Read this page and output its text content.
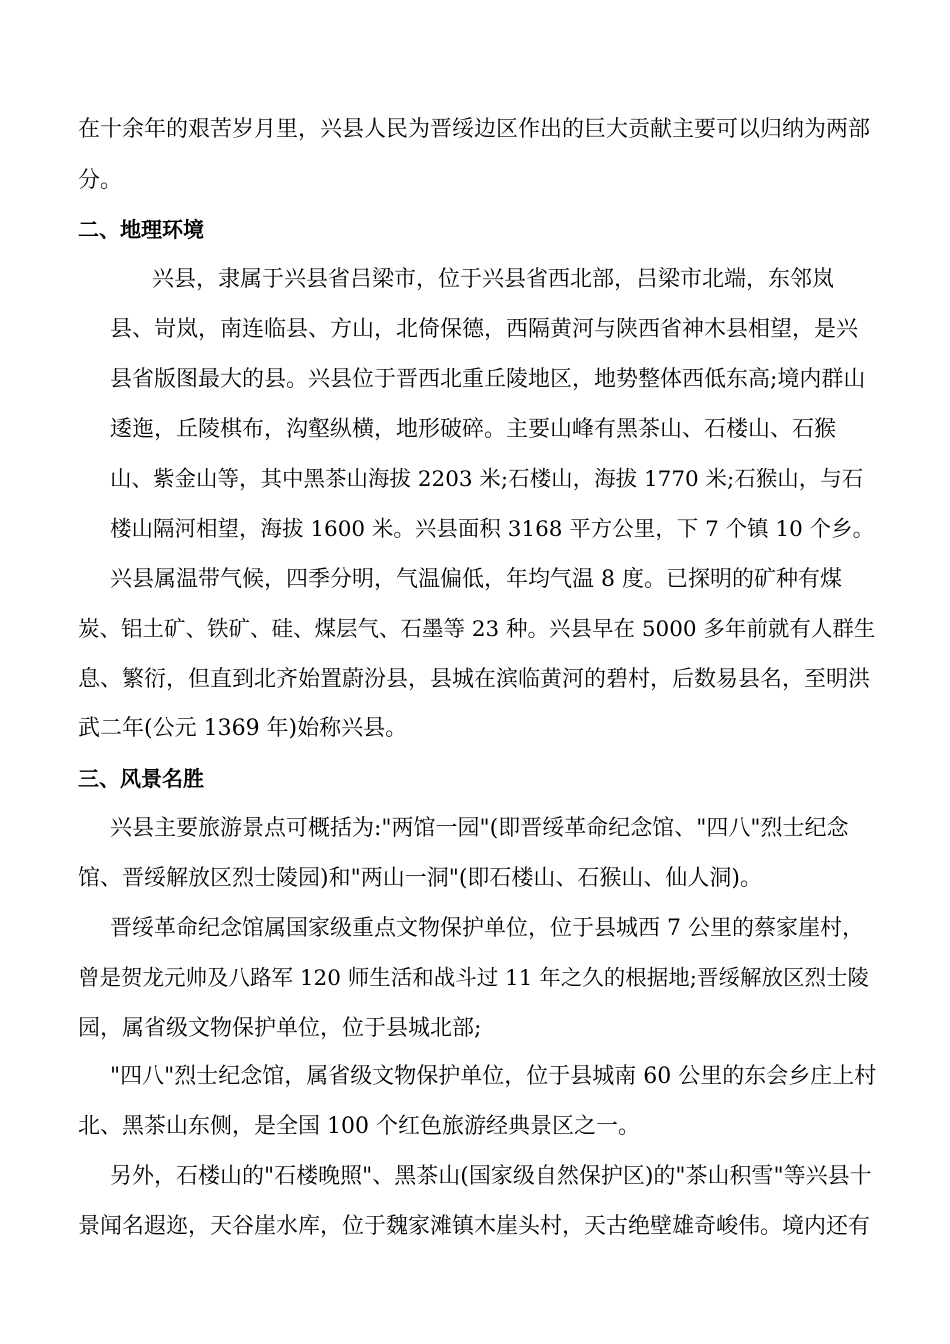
在十余年的艰苦岁月里，兴县人民为晋绥边区作出的巨大贡献主要可以归纳为两部
分。
二、地理环境
兴县，隶属于兴县省吕梁市，位于兴县省西北部，吕梁市北端，东邻岚
县、岢岚，南连临县、方山，北倚保德，西隔黄河与陕西省神木县相望，是兴
县省版图最大的县。兴县位于晋西北重丘陵地区，地势整体西低东高;境内群山
逶迤，丘陵棋布，沟壑纵横，地形破碎。主要山峰有黑茶山、石楼山、石猴
山、紫金山等，其中黑茶山海拔 2203 米;石楼山，海拔 1770 米;石猴山，与石
楼山隔河相望，海拔 1600 米。兴县面积 3168 平方公里，下 7 个镇 10 个乡。
兴县属温带气候，四季分明，气温偏低，年均气温 8 度。已探明的矿种有煤
炭、铝土矿、铁矿、硅、煤层气、石墨等 23 种。兴县早在 5000 多年前就有人群生
息、繁衍，但直到北齐始置蔚汾县，县城在滨临黄河的碧村，后数易县名，至明洪
武二年(公元 1369 年)始称兴县。
三、风景名胜
兴县主要旅游景点可概括为:"两馆一园"(即晋绥革命纪念馆、"四八"烈士纪念
馆、晋绥解放区烈士陵园)和"两山一洞"(即石楼山、石猴山、仙人洞)。
晋绥革命纪念馆属国家级重点文物保护单位，位于县城西 7 公里的蔡家崖村，
曾是贺龙元帅及八路军 120 师生活和战斗过 11 年之久的根据地;晋绥解放区烈士陵
园，属省级文物保护单位，位于县城北部;
"四八"烈士纪念馆，属省级文物保护单位，位于县城南 60 公里的东会乡庄上村
北、黑茶山东侧，是全国 100 个红色旅游经典景区之一。
另外，石楼山的"石楼晚照"、黑茶山(国家级自然保护区)的"茶山积雪"等兴县十
景闻名遐迩，天谷崖水库，位于魏家滩镇木崖头村，天古绝壁雄奇峻伟。境内还有
